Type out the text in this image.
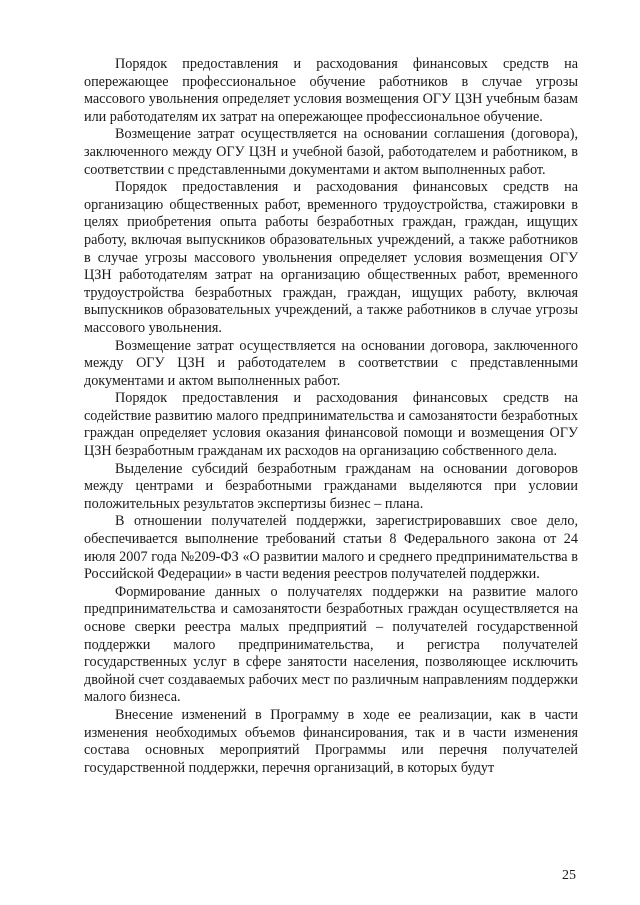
Порядок предоставления и расходования финансовых средств на опережающее профессиональное обучение работников в случае угрозы массового увольнения определяет условия возмещения ОГУ ЦЗН учебным базам или работодателям их затрат на опережающее профессиональное обучение.

Возмещение затрат осуществляется на основании соглашения (договора), заключенного между ОГУ ЦЗН и учебной базой, работодателем и работником, в соответствии с представленными документами и актом выполненных работ.

Порядок предоставления и расходования финансовых средств на организацию общественных работ, временного трудоустройства, стажировки в целях приобретения опыта работы безработных граждан, граждан, ищущих работу, включая выпускников образовательных учреждений, а также работников в случае угрозы массового увольнения определяет условия возмещения ОГУ ЦЗН работодателям затрат на организацию общественных работ, временного трудоустройства безработных граждан, граждан, ищущих работу, включая выпускников образовательных учреждений, а также работников в случае угрозы массового увольнения.

Возмещение затрат осуществляется на основании договора, заключенного между ОГУ ЦЗН и работодателем в соответствии с представленными документами и актом выполненных работ.

Порядок предоставления и расходования финансовых средств на содействие развитию малого предпринимательства и самозанятости безработных граждан определяет условия оказания финансовой помощи и возмещения ОГУ ЦЗН безработным гражданам их расходов на организацию собственного дела.

Выделение субсидий безработным гражданам на основании договоров между центрами и безработными гражданами выделяются при условии положительных результатов экспертизы бизнес – плана.

В отношении получателей поддержки, зарегистрировавших свое дело, обеспечивается выполнение требований статьи 8 Федерального закона от 24 июля 2007 года №209-ФЗ «О развитии малого и среднего предпринимательства в Российской Федерации» в части ведения реестров получателей поддержки.

Формирование данных о получателях поддержки на развитие малого предпринимательства и самозанятости безработных граждан осуществляется на основе сверки реестра малых предприятий – получателей государственной поддержки малого предпринимательства, и регистра получателей государственных услуг в сфере занятости населения, позволяющее исключить двойной счет создаваемых рабочих мест по различным направлениям поддержки малого бизнеса.

Внесение изменений в Программу в ходе ее реализации, как в части изменения необходимых объемов финансирования, так и в части изменения состава основных мероприятий Программы или перечня получателей государственной поддержки, перечня организаций, в которых будут

25
